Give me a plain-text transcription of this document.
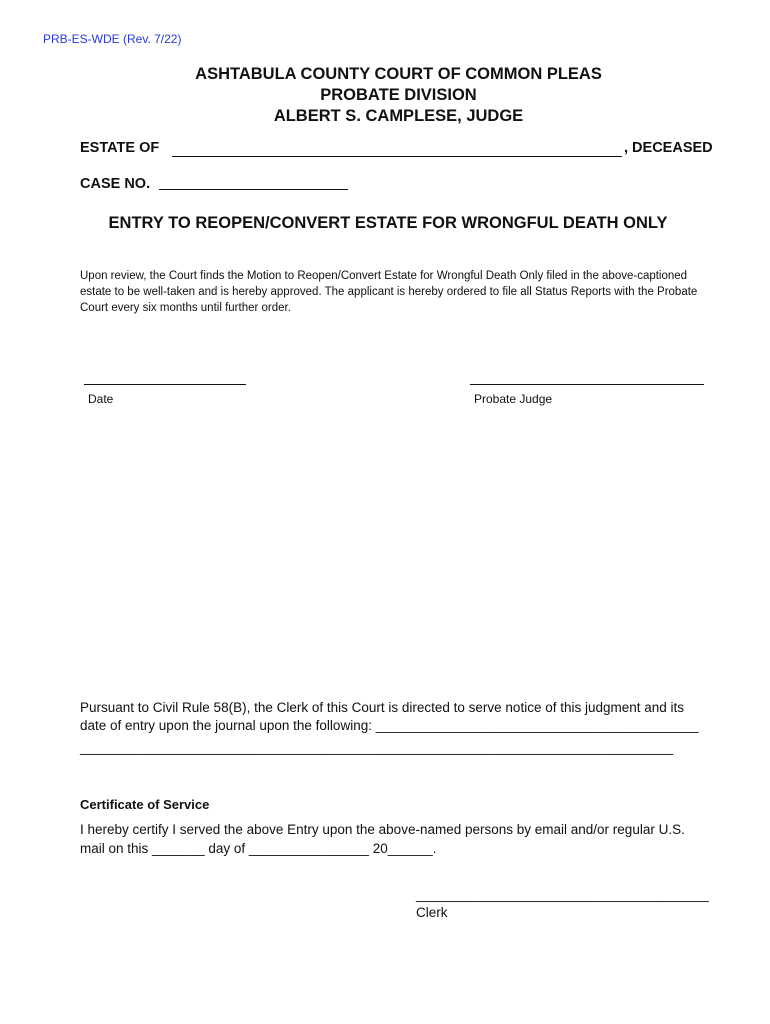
PRB-ES-WDE (Rev. 7/22)
ASHTABULA COUNTY COURT OF COMMON PLEAS
PROBATE DIVISION
ALBERT S. CAMPLESE, JUDGE
ESTATE OF	, DECEASED
CASE NO.
ENTRY TO REOPEN/CONVERT ESTATE FOR WRONGFUL DEATH ONLY
Upon review, the Court finds the Motion to Reopen/Convert Estate for Wrongful Death Only filed in the above-captioned estate to be well-taken and is hereby approved. The applicant is hereby ordered to file all Status Reports with the Probate Court every six months until further order.
Date	Probate Judge
Pursuant to Civil Rule 58(B), the Clerk of this Court is directed to serve notice of this judgment and its
date of entry upon the journal upon the following: ___________________________________________
_______________________________________________________________________________
Certificate of Service
I hereby certify I served the above Entry upon the above-named persons by email and/or regular U.S.
mail on this _______ day of ________________ 20______.
_______________________________________
Clerk
